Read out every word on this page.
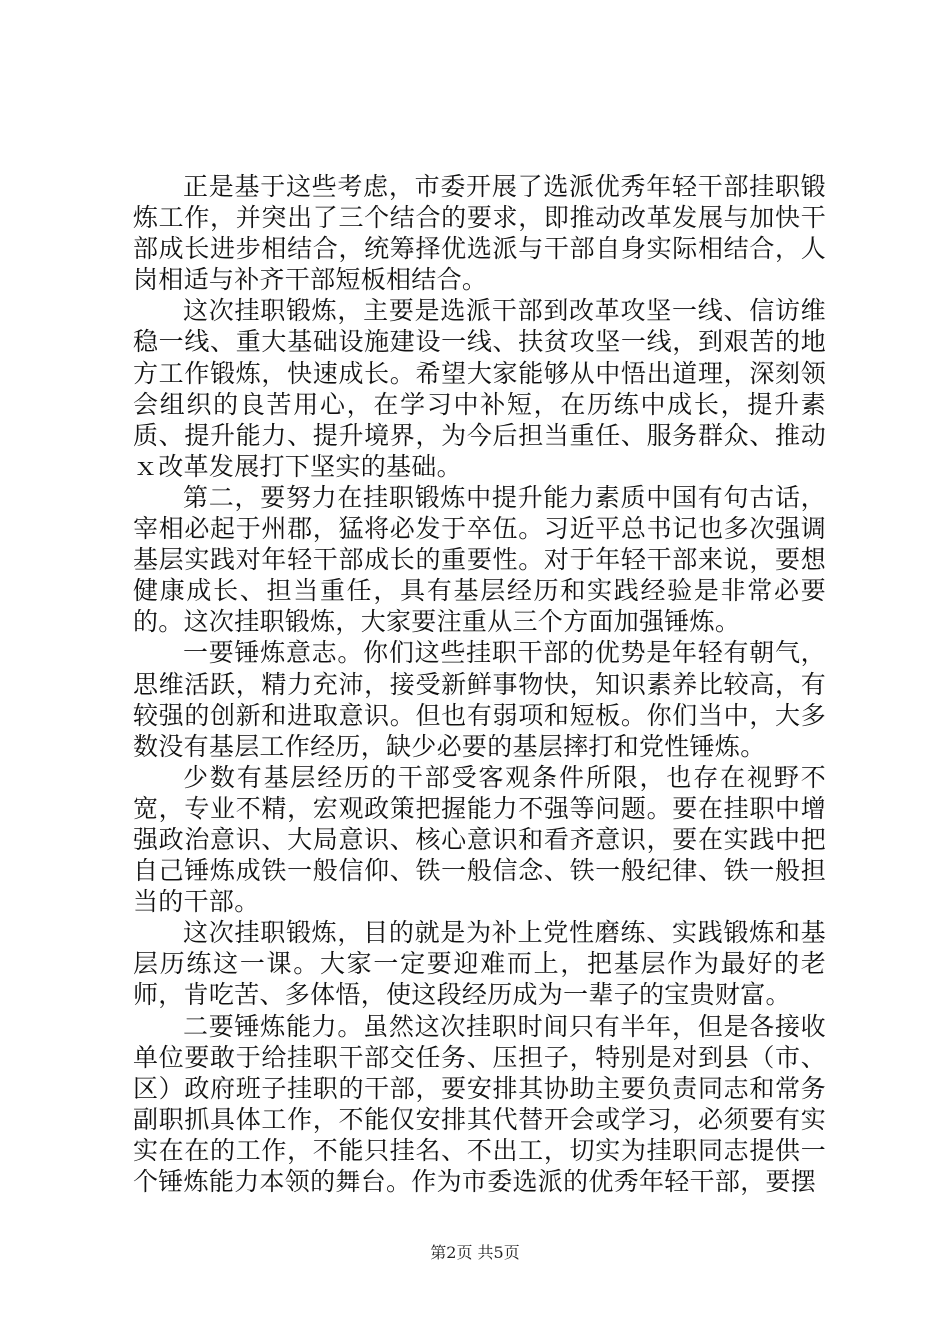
正是基于这些考虑，市委开展了选派优秀年轻干部挂职锻炼工作，并突出了三个结合的要求，即推动改革发展与加快干部成长进步相结合，统筹择优选派与干部自身实际相结合，人岗相适与补齐干部短板相结合。

这次挂职锻炼，主要是选派干部到改革攻坚一线、信访维稳一线、重大基础设施建设一线、扶贫攻坚一线，到艰苦的地方工作锻炼，快速成长。希望大家能够从中悟出道理，深刻领会组织的良苦用心，在学习中补短，在历练中成长，提升素质、提升能力、提升境界，为今后担当重任、服务群众、推动ｘ改革发展打下坚实的基础。

第二，要努力在挂职锻炼中提升能力素质中国有句古话，宰相必起于州郡，猛将必发于卒伍。习近平总书记也多次强调基层实践对年轻干部成长的重要性。对于年轻干部来说，要想健康成长、担当重任，具有基层经历和实践经验是非常必要的。这次挂职锻炼，大家要注重从三个方面加强锤炼。

一要锤炼意志。你们这些挂职干部的优势是年轻有朝气，思维活跃，精力充沛，接受新鲜事物快，知识素养比较高，有较强的创新和进取意识。但也有弱项和短板。你们当中，大多数没有基层工作经历，缺少必要的基层摔打和党性锤炼。

少数有基层经历的干部受客观条件所限，也存在视野不宽，专业不精，宏观政策把握能力不强等问题。要在挂职中增强政治意识、大局意识、核心意识和看齐意识，要在实践中把自己锤炼成铁一般信仰、铁一般信念、铁一般纪律、铁一般担当的干部。

这次挂职锻炼，目的就是为补上党性磨练、实践锻炼和基层历练这一课。大家一定要迎难而上，把基层作为最好的老师，肯吃苦、多体悟，使这段经历成为一辈子的宝贵财富。

二要锤炼能力。虽然这次挂职时间只有半年，但是各接收单位要敢于给挂职干部交任务、压担子，特别是对到县（市、区）政府班子挂职的干部，要安排其协助主要负责同志和常务副职抓具体工作，不能仅安排其代替开会或学习，必须要有实实在在的工作，不能只挂名、不出工，切实为挂职同志提供一个锤炼能力本领的舞台。作为市委选派的优秀年轻干部，要摆

第2页 共5页
